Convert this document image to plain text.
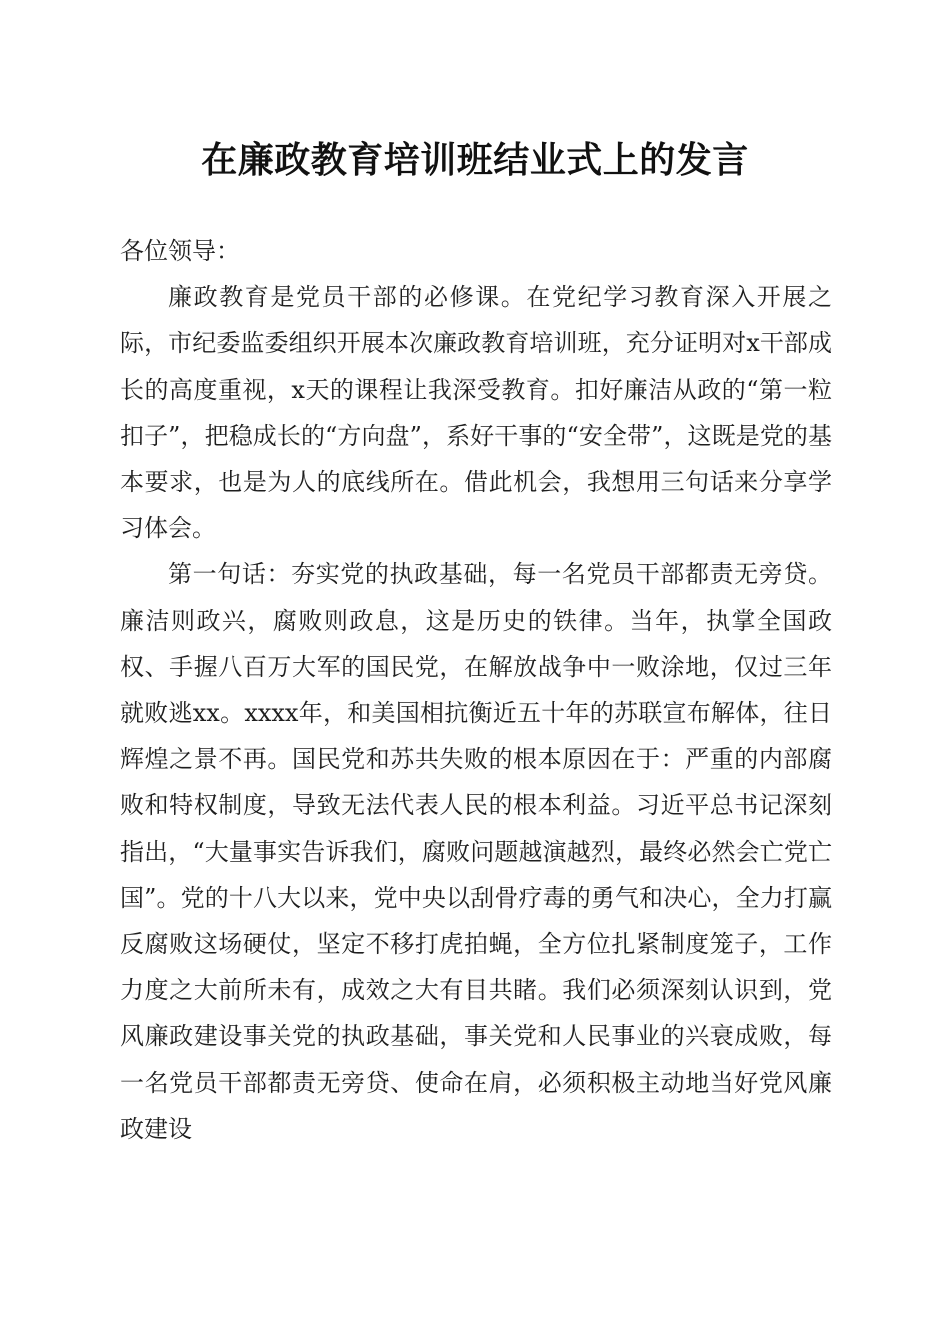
在廉政教育培训班结业式上的发言

各位领导：

廉政教育是党员干部的必修课。在党纪学习教育深入开展之际，市纪委监委组织开展本次廉政教育培训班，充分证明对x干部成长的高度重视，x天的课程让我深受教育。扣好廉洁从政的“第一粒扣子”，把稳成长的“方向盘”，系好干事的“安全带”，这既是党的基本要求，也是为人的底线所在。借此机会，我想用三句话来分享学习体会。

第一句话：夯实党的执政基础，每一名党员干部都责无旁贷。廉洁则政兴，腐败则政息，这是历史的铁律。当年，执掌全国政权、手握八百万大军的国民党，在解放战争中一败涂地，仅过三年就败逃xx。xxxx年，和美国相抗衡近五十年的苏联宣布解体，往日辉煌之景不再。国民党和苏共失败的根本原因在于：严重的内部腐败和特权制度，导致无法代表人民的根本利益。习近平总书记深刻指出，“大量事实告诉我们，腐败问题越演越烈，最终必然会亡党亡国”。党的十八大以来，党中央以刮骨疗毒的勇气和决心，全力打赢反腐败这场硬仗，坚定不移打虎拍蝇，全方位扎紧制度笼子，工作力度之大前所未有，成效之大有目共睹。我们必须深刻认识到，党风廉政建设事关党的执政基础，事关党和人民事业的兴衰成败，每一名党员干部都责无旁贷、使命在肩，必须积极主动地当好党风廉政建设
